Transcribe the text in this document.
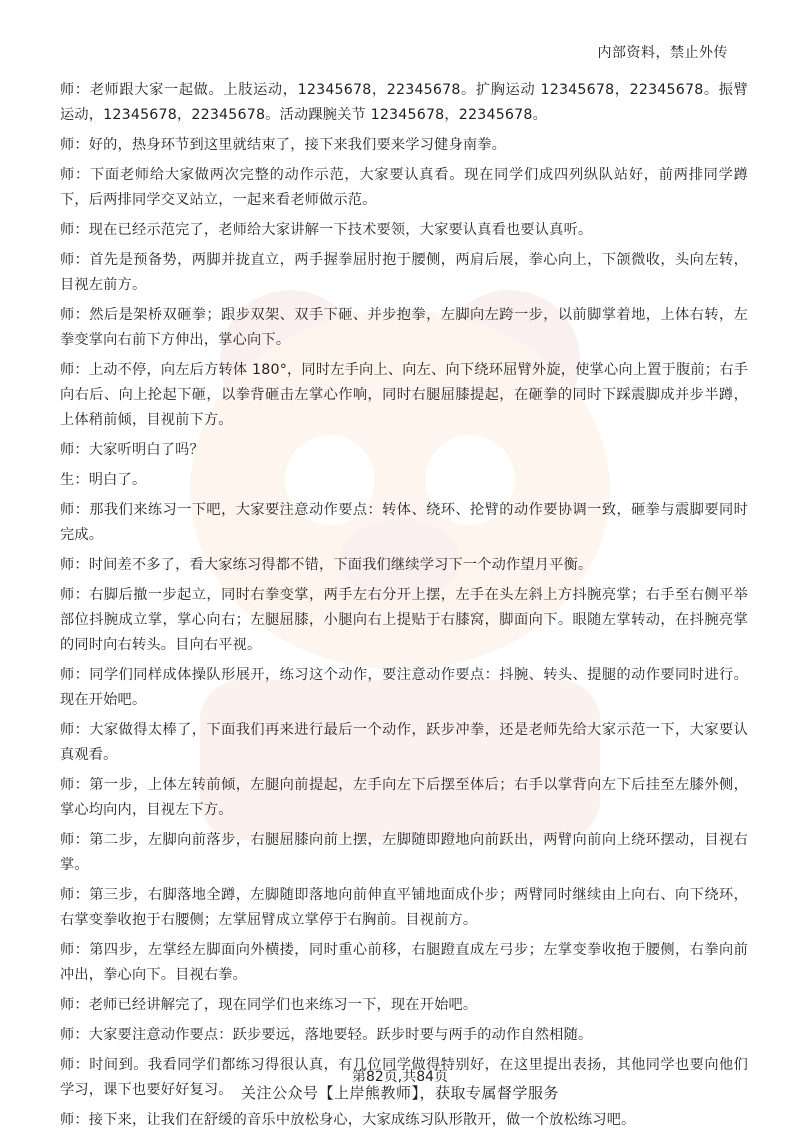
内部资料，禁止外传

师：老师跟大家一起做。上肢运动，12345678，22345678。扩胸运动 12345678，22345678。振臂运动，12345678，22345678。活动踝腕关节 12345678，22345678。

师：好的，热身环节到这里就结束了，接下来我们要来学习健身南拳。

师：下面老师给大家做两次完整的动作示范，大家要认真看。现在同学们成四列纵队站好，前两排同学蹲下，后两排同学交叉站立，一起来看老师做示范。

师：现在已经示范完了，老师给大家讲解一下技术要领，大家要认真看也要认真听。

师：首先是预备势，两脚并拢直立，两手握拳屈肘抱于腰侧，两肩后展，拳心向上，下颌微收，头向左转，目视左前方。

师：然后是架桥双砸拳；跟步双架、双手下砸、并步抱拳，左脚向左跨一步，以前脚掌着地，上体右转，左拳变掌向右前下方伸出，掌心向下。

师：上动不停，向左后方转体 180°，同时左手向上、向左、向下绕环屈臂外旋，使掌心向上置于腹前；右手向右后、向上抡起下砸，以拳背砸击左掌心作响，同时右腿屈膝提起，在砸拳的同时下踩震脚成并步半蹲，上体稍前倾，目视前下方。

师：大家听明白了吗？

生：明白了。

师：那我们来练习一下吧，大家要注意动作要点：转体、绕环、抡臂的动作要协调一致，砸拳与震脚要同时完成。

师：时间差不多了，看大家练习得都不错，下面我们继续学习下一个动作望月平衡。

师：右脚后撤一步起立，同时右拳变掌，两手左右分开上摆，左手在头左斜上方抖腕亮掌；右手至右侧平举部位抖腕成立掌，掌心向右；左腿屈膝，小腿向右上提贴于右膝窝，脚面向下。眼随左掌转动，在抖腕亮掌的同时向右转头。目向右平视。

师：同学们同样成体操队形展开，练习这个动作，要注意动作要点：抖腕、转头、提腿的动作要同时进行。现在开始吧。

师：大家做得太棒了，下面我们再来进行最后一个动作，跃步冲拳，还是老师先给大家示范一下，大家要认真观看。

师：第一步，上体左转前倾，左腿向前提起，左手向左下后摆至体后；右手以掌背向左下后挂至左膝外侧，掌心均向内，目视左下方。

师：第二步，左脚向前落步，右腿屈膝向前上摆，左脚随即蹬地向前跃出，两臂向前向上绕环摆动，目视右掌。

师：第三步，右脚落地全蹲，左脚随即落地向前伸直平铺地面成仆步；两臂同时继续由上向右、向下绕环，右掌变拳收抱于右腰侧；左掌屈臂成立掌停于右胸前。目视前方。

师：第四步，左掌经左脚面向外横搂，同时重心前移，右腿蹬直成左弓步；左掌变拳收抱于腰侧，右拳向前冲出，拳心向下。目视右拳。

师：老师已经讲解完了，现在同学们也来练习一下，现在开始吧。

师：大家要注意动作要点：跃步要远，落地要轻。跃步时要与两手的动作自然相随。

师：时间到。我看同学们都练习得很认真，有几位同学做得特别好，在这里提出表扬，其他同学也要向他们学习，课下也要好好复习。

师：接下来，让我们在舒缓的音乐中放松身心，大家成练习队形散开，做一个放松练习吧。

第82页,共84页
关注公众号【上岸熊教师】，获取专属督学服务
